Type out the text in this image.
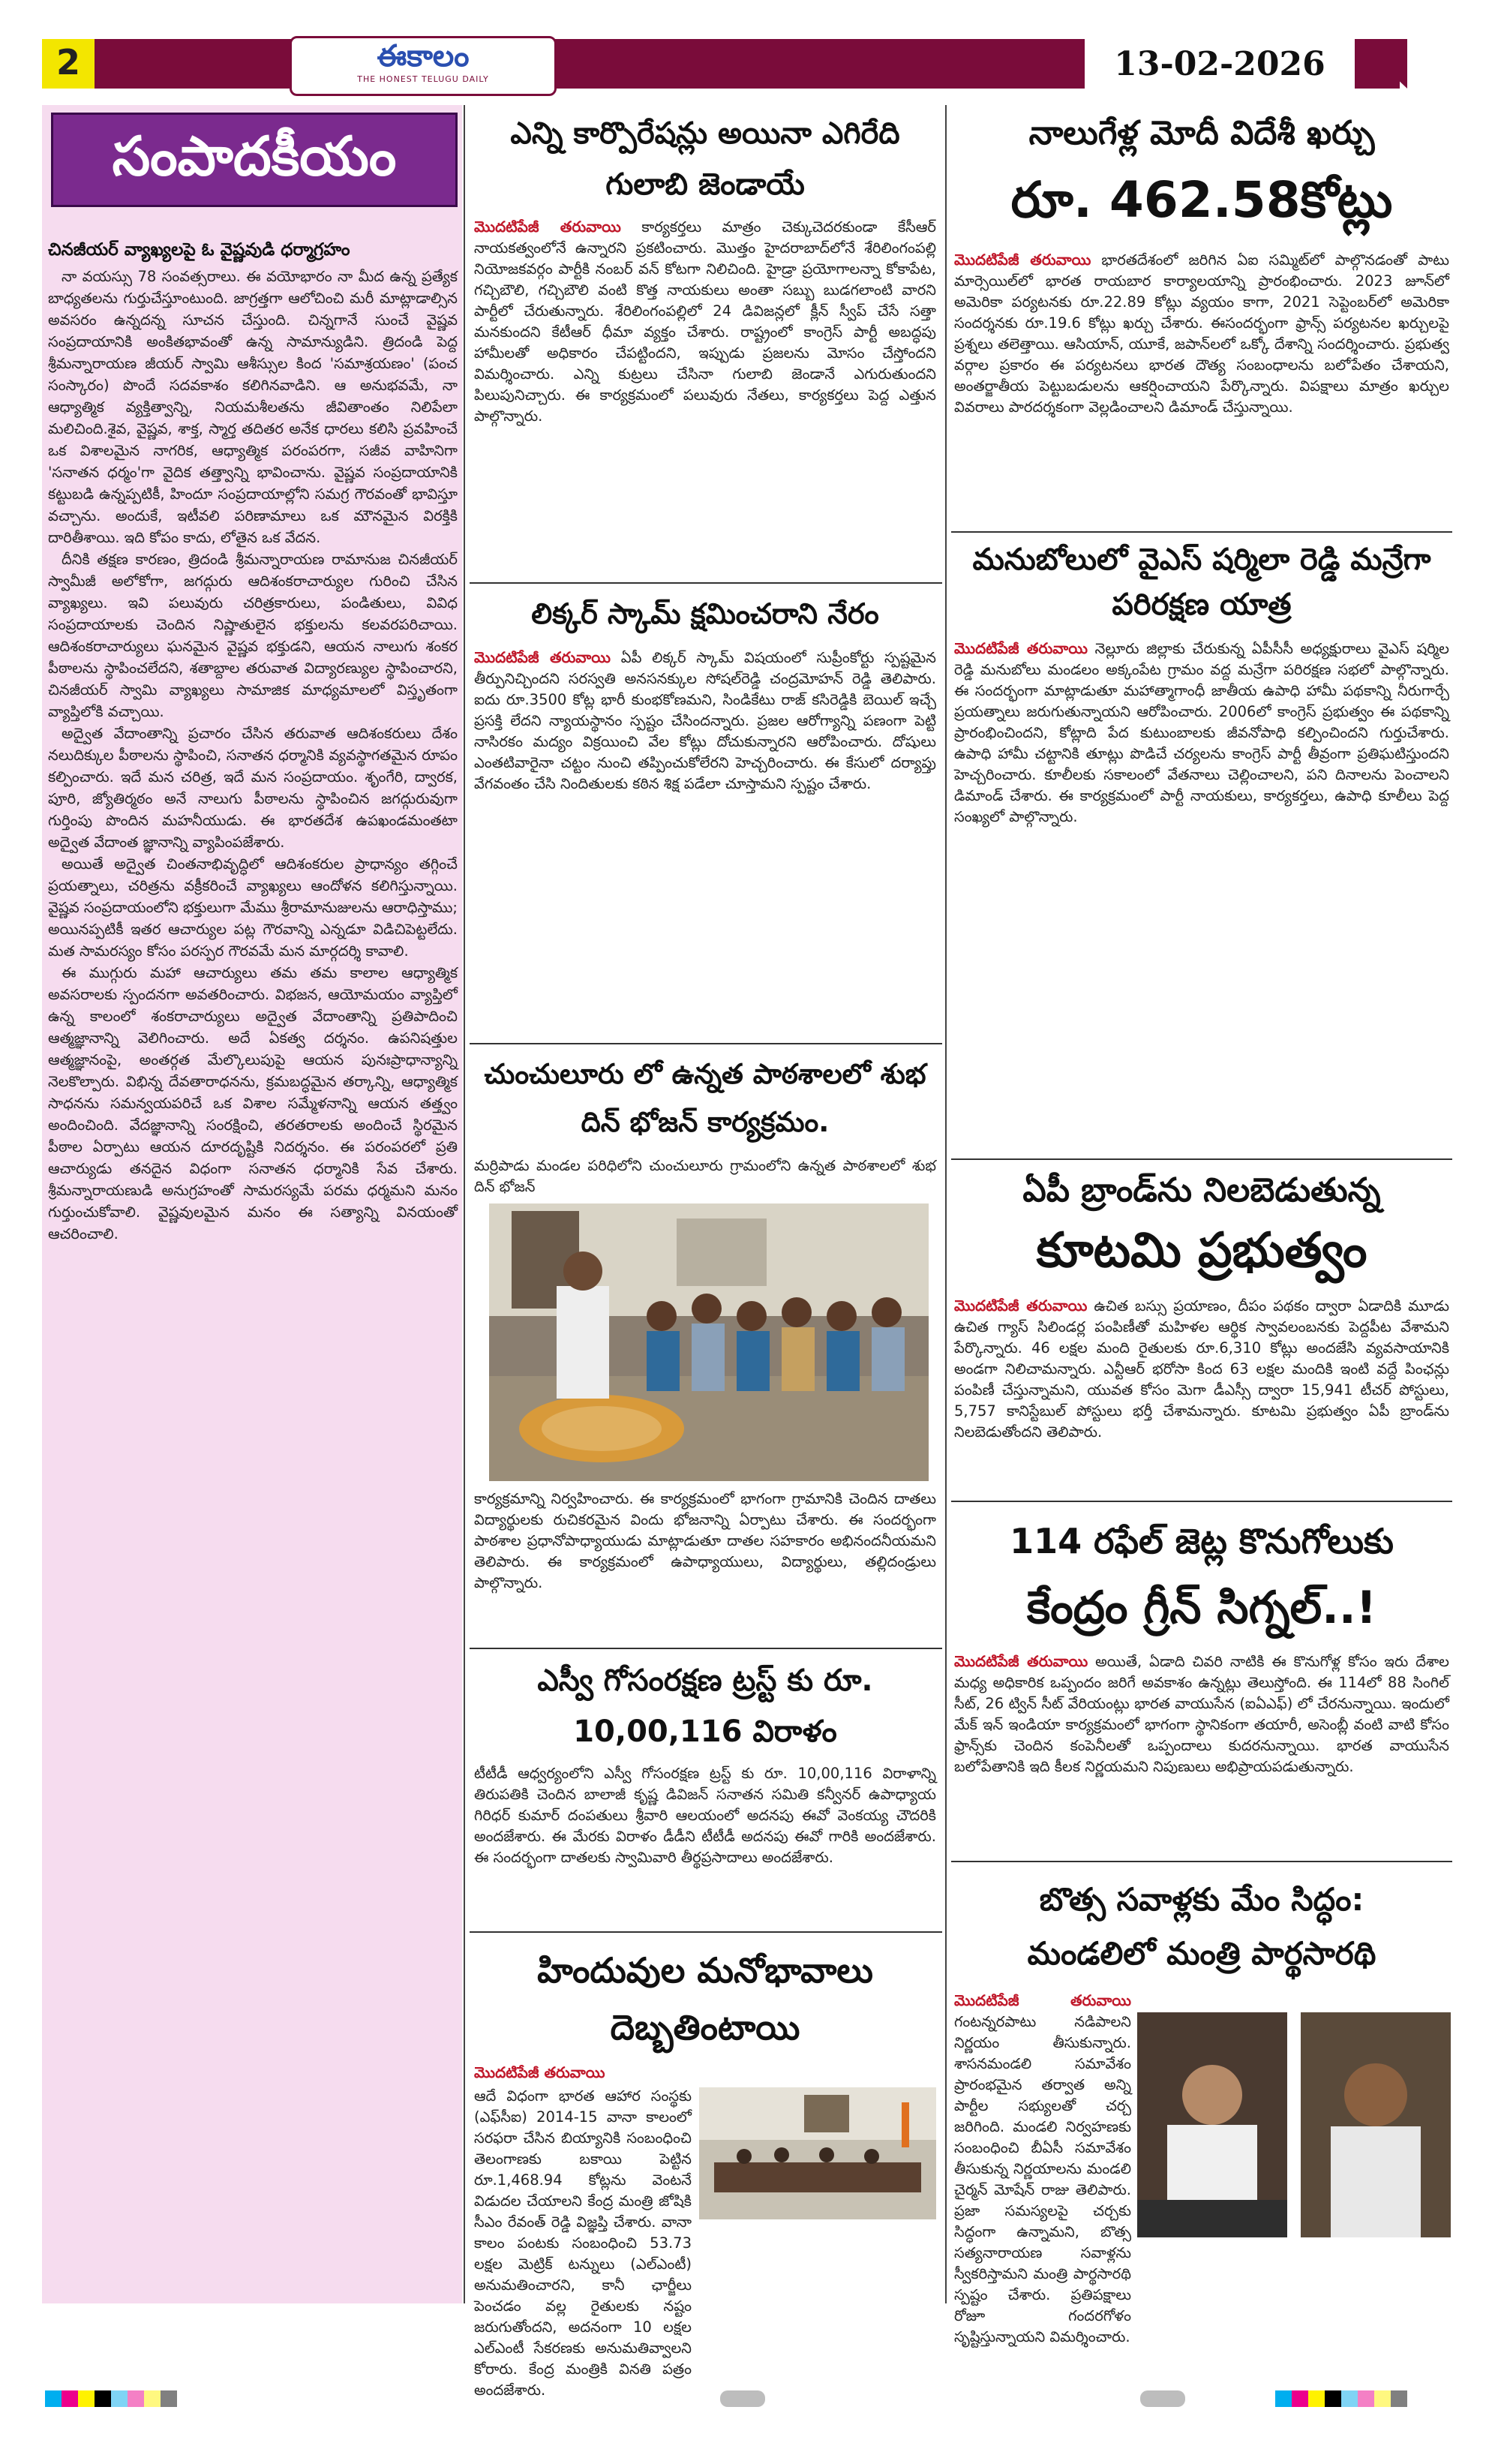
2	ఈకాలం
THE HONEST TELUGU DAILY	13-02-2026
సంపాదకీయం
చినజీయర్ వ్యాఖ్యలపై ఓ వైష్ణవుడి ధర్మాగ్రహం

నా వయస్సు 78 సంవత్సరాలు. ఈ వయోభారం నా మీద ఉన్న ప్రత్యేక బాధ్యతలను గుర్తుచేస్తూంటుంది. జాగ్రత్తగా ఆలోచించి మరీ మాట్లాడాల్సిన అవసరం ఉన్నదన్న సూచన చేస్తుంది. చిన్నగానే సుంచే వైష్ణవ సంప్రదాయానికి అంకితభావంతో ఉన్న సామాన్యుడిని. త్రిదండి పెద్ద శ్రీమన్నారాయణ జీయర్ స్వామి ఆశీస్సుల కింద 'సమాశ్రయణం' (పంచ సంస్కారం) పొందే సదవకాశం కలిగినవాడిని. ఆ అనుభవమే, నా ఆధ్యాత్మిక వ్యక్తిత్వాన్ని, నియమశీలతను జీవితాంతం నిలిపేలా మలిచింది.శైవ, వైష్ణవ, శాక్త, స్మార్త తదితర అనేక ధారలు కలిసి ప్రవహించే ఒక విశాలమైన నాగరిక, ఆధ్యాత్మిక పరంపరగా, సజీవ వాహినిగా 'సనాతన ధర్మం'గా వైదిక తత్త్వాన్ని భావించాను. వైష్ణవ సంప్రదాయానికి కట్టుబడి ఉన్నప్పటికీ, హిందూ సంప్రదాయాల్లోని సమగ్ర గౌరవంతో భావిస్తూ వచ్చాను. అందుకే, ఇటీవలి పరిణామాలు ఒక మౌనమైన విరక్తికి దారితీశాయి. ఇది కోపం కాదు, లోతైన ఒక వేదన.

దీనికి తక్షణ కారణం, త్రిదండి శ్రీమన్నారాయణ రామానుజ చినజీయర్ స్వామీజీ అలోకోగా, జగద్గురు ఆదిశంకరాచార్యుల గురించి చేసిన వ్యాఖ్యలు. ఇవి పలువురు చరిత్రకారులు, పండితులు, వివిధ సంప్రదాయాలకు చెందిన నిష్ణాతులైన భక్తులను కలవరపరిచాయి. ఆదిశంకరాచార్యులు ఘనమైన వైష్ణవ భక్తుడని, ఆయన నాలుగు శంకర పీఠాలను స్థాపించలేదని, శతాబ్దాల తరువాత విద్యారణ్యుల స్థాపించారని, చినజీయర్ స్వామి వ్యాఖ్యలు సామాజిక మాధ్యమాలలో విస్తృతంగా వ్యాప్తిలోకి వచ్చాయి.

అద్వైత వేదాంతాన్ని ప్రచారం చేసిన తరువాత ఆదిశంకరులు దేశం నలుదిక్కుల పీఠాలను స్థాపించి, సనాతన ధర్మానికి వ్యవస్థాగతమైన రూపం కల్పించారు. ఇదే మన చరిత్ర, ఇదే మన సంప్రదాయం. శృంగేరి, ద్వారక, పూరి, జ్యోతిర్మఠం అనే నాలుగు పీఠాలను స్థాపించిన జగద్గురువుగా గుర్తింపు పొందిన మహనీయుడు. ఈ భారతదేశ ఉపఖండమంతటా అద్వైత వేదాంత జ్ఞానాన్ని వ్యాపింపజేశారు.

అయితే అద్వైత చింతనాభివృద్ధిలో ఆదిశంకరుల ప్రాధాన్యం తగ్గించే ప్రయత్నాలు, చరిత్రను వక్రీకరించే వ్యాఖ్యలు ఆందోళన కలిగిస్తున్నాయి. వైష్ణవ సంప్రదాయంలోని భక్తులుగా మేము శ్రీరామానుజులను ఆరాధిస్తాము; అయినప్పటికీ ఇతర ఆచార్యుల పట్ల గౌరవాన్ని ఎన్నడూ విడిచిపెట్టలేదు. మత సామరస్యం కోసం పరస్పర గౌరవమే మన మార్గదర్శి కావాలి.

ఈ ముగ్గురు మహా ఆచార్యులు తమ తమ కాలాల ఆధ్యాత్మిక అవసరాలకు స్పందనగా అవతరించారు. విభజన, ఆయోమయం వ్యాప్తిలో ఉన్న కాలంలో శంకరాచార్యులు అద్వైత వేదాంతాన్ని ప్రతిపాదించి ఆత్మజ్ఞానాన్ని వెలిగించారు. అదే ఏకత్వ దర్శనం. ఉపనిషత్తుల ఆత్మజ్ఞానంపై, అంతర్గత మేల్కొలుపుపై ఆయన పునఃప్రాధాన్యాన్ని నెలకొల్పారు. విభిన్న దేవతారాధనను, క్రమబద్ధమైన తర్కాన్ని, ఆధ్యాత్మిక సాధనను సమన్వయపరిచే ఒక విశాల సమ్మేళనాన్ని ఆయన తత్త్వం అందించింది. వేదజ్ఞానాన్ని సంరక్షించి, తరతరాలకు అందించే స్థిరమైన పీఠాల ఏర్పాటు ఆయన దూరదృష్టికి నిదర్శనం. ఈ పరంపరలో ప్రతి ఆచార్యుడు తనదైన విధంగా సనాతన ధర్మానికి సేవ చేశారు. శ్రీమన్నారాయణుడి అనుగ్రహంతో సామరస్యమే పరమ ధర్మమని మనం గుర్తుంచుకోవాలి. వైష్ణవులమైన మనం ఈ సత్యాన్ని వినయంతో ఆచరించాలి.

ఎన్ని కార్పొరేషన్లు అయినా ఎగిరేది గులాబి జెండాయే
మొదటిపేజీ తరువాయి కార్యకర్తలు మాత్రం చెక్కుచెదరకుండా కేసీఆర్ నాయకత్వంలోనే ఉన్నారని ప్రకటించారు. మొత్తం హైదరాబాద్‌లోనే శేరిలింగంపల్లి నియోజకవర్గం పార్టీకి నంబర్ వన్ కోటగా నిలిచింది. హైడ్రా ప్రయోగాలన్నా కోకాపేట, గచ్చిబౌలి, గచ్చిబౌలి వంటి కొత్త నాయకులు అంతా సబ్బు బుడగలాంటి వారని పార్టీలో చేరుతున్నారు. శేరిలింగంపల్లిలో 24 డివిజన్లలో క్లీన్ స్వీప్ చేసే సత్తా మనకుందని కేటీఆర్ ధీమా వ్యక్తం చేశారు. రాష్ట్రంలో కాంగ్రెస్ పార్టీ అబద్ధపు హామీలతో అధికారం చేపట్టిందని, ఇప్పుడు ప్రజలను మోసం చేస్తోందని విమర్శించారు. ఎన్ని కుట్రలు చేసినా గులాబి జెండానే ఎగురుతుందని పిలుపునిచ్చారు. ఈ కార్యక్రమంలో పలువురు నేతలు, కార్యకర్తలు పెద్ద ఎత్తున పాల్గొన్నారు.
లిక్కర్ స్కామ్ క్షమించరాని నేరం
మొదటిపేజీ తరువాయి ఏపీ లిక్కర్ స్కామ్ విషయంలో సుప్రీంకోర్టు స్పష్టమైన తీర్పునిచ్చిందని సరస్వతి అనసనక్కుల సోషల్‌రెడ్డి చంద్రమోహన్ రెడ్డి తెలిపారు. ఐదు రూ.3500 కోట్ల భారీ కుంభకోణమని, సిండికేటు రాజ్ కసిరెడ్డికి బెయిల్ ఇచ్చే ప్రసక్తి లేదని న్యాయస్థానం స్పష్టం చేసిందన్నారు. ప్రజల ఆరోగ్యాన్ని పణంగా పెట్టి నాసిరకం మద్యం విక్రయించి వేల కోట్లు దోచుకున్నారని ఆరోపించారు. దోషులు ఎంతటివారైనా చట్టం నుంచి తప్పించుకోలేరని హెచ్చరించారు. ఈ కేసులో దర్యాప్తు వేగవంతం చేసి నిందితులకు కఠిన శిక్ష పడేలా చూస్తామని స్పష్టం చేశారు.
చుంచులూరు లో ఉన్నత పాఠశాలలో శుభ దిన్ భోజన్ కార్యక్రమం.
మర్రిపాడు మండల పరిధిలోని చుంచులూరు గ్రామంలోని ఉన్నత పాఠశాలలో శుభ దిన్ భోజన్
కార్యక్రమాన్ని నిర్వహించారు. ఈ కార్యక్రమంలో భాగంగా గ్రామానికి చెందిన దాతలు విద్యార్థులకు రుచికరమైన విందు భోజనాన్ని ఏర్పాటు చేశారు. ఈ సందర్భంగా పాఠశాల ప్రధానోపాధ్యాయుడు మాట్లాడుతూ దాతల సహకారం అభినందనీయమని తెలిపారు. ఈ కార్యక్రమంలో ఉపాధ్యాయులు, విద్యార్థులు, తల్లిదండ్రులు పాల్గొన్నారు.
ఎస్వీ గోసంరక్షణ ట్రస్ట్ కు రూ. 10,00,116 విరాళం
టీటీడీ ఆధ్వర్యంలోని ఎస్వీ గోసంరక్షణ ట్రస్ట్ కు రూ. 10,00,116 విరాళాన్ని తిరుపతికి చెందిన బాలాజీ కృష్ణ డివిజన్ సనాతన సమితి కన్వీనర్ ఉపాధ్యాయ గిరిధర్ కుమార్ దంపతులు శ్రీవారి ఆలయంలో అదనపు ఈవో వెంకయ్య చౌదరికి అందజేశారు. ఈ మేరకు విరాళం డీడీని టీటీడీ అదనపు ఈవో గారికి అందజేశారు. ఈ సందర్భంగా దాతలకు స్వామివారి తీర్థప్రసాదాలు అందజేశారు.
హిందువుల మనోభావాలు దెబ్బతింటాయి
మొదటిపేజీ తరువాయి
ఆదే విధంగా భారత ఆహార సంస్థకు (ఎఫ్‌సీఐ) 2014-15 వానా కాలంలో సరఫరా చేసిన బియ్యానికి సంబంధించి తెలంగాణకు బకాయి పెట్టిన రూ.1,468.94 కోట్లను వెంటనే విడుదల చేయాలని కేంద్ర మంత్రి జోషికి సీఎం రేవంత్ రెడ్డి విజ్ఞప్తి చేశారు. వానా కాలం పంటకు సంబంధించి 53.73 లక్షల మెట్రిక్ టన్నులు (ఎల్ఎంటీ) అనుమతించారని, కానీ ఛార్జీలు పెంచడం వల్ల రైతులకు నష్టం జరుగుతోందని, అదనంగా 10 లక్షల ఎల్ఎంటీ సేకరణకు అనుమతివ్వాలని కోరారు. కేంద్ర మంత్రికి వినతి పత్రం అందజేశారు.
నాలుగేళ్ల మోదీ విదేశీ ఖర్చు
రూ. 462.58కోట్లు
మొదటిపేజీ తరువాయి భారతదేశంలో జరిగిన ఏఐ సమ్మిట్‌లో పాల్గొనడంతో పాటు మార్సెయిల్‌లో భారత రాయబార కార్యాలయాన్ని ప్రారంభించారు. 2023 జూన్‌లో అమెరికా పర్యటనకు రూ.22.89 కోట్లు వ్యయం కాగా, 2021 సెప్టెంబర్‌లో అమెరికా సందర్శనకు రూ.19.6 కోట్లు ఖర్చు చేశారు. ఈసందర్భంగా ఫ్రాన్స్ పర్యటనల ఖర్చులపై ప్రశ్నలు తలెత్తాయి. ఆసియాన్, యూకే, జపాన్‌లలో ఒక్కో దేశాన్ని సందర్శించారు. ప్రభుత్వ వర్గాల ప్రకారం ఈ పర్యటనలు భారత దౌత్య సంబంధాలను బలోపేతం చేశాయని, అంతర్జాతీయ పెట్టుబడులను ఆకర్షించాయని పేర్కొన్నారు. విపక్షాలు మాత్రం ఖర్చుల వివరాలు పారదర్శకంగా వెల్లడించాలని డిమాండ్ చేస్తున్నాయి.
మనుబోలులో వైఎస్ షర్మిలా రెడ్డి మన్రేగా పరిరక్షణ యాత్ర
మొదటిపేజీ తరువాయి నెల్లూరు జిల్లాకు చేరుకున్న ఏపీసీసీ అధ్యక్షురాలు వైఎస్ షర్మిల రెడ్డి మనుబోలు మండలం అక్కంపేట గ్రామం వద్ద మన్రేగా పరిరక్షణ సభలో పాల్గొన్నారు. ఈ సందర్భంగా మాట్లాడుతూ మహాత్మాగాంధీ జాతీయ ఉపాధి హామీ పథకాన్ని నీరుగార్చే ప్రయత్నాలు జరుగుతున్నాయని ఆరోపించారు. 2006లో కాంగ్రెస్ ప్రభుత్వం ఈ పథకాన్ని ప్రారంభించిందని, కోట్లాది పేద కుటుంబాలకు జీవనోపాధి కల్పించిందని గుర్తుచేశారు. ఉపాధి హామీ చట్టానికి తూట్లు పొడిచే చర్యలను కాంగ్రెస్ పార్టీ తీవ్రంగా ప్రతిఘటిస్తుందని హెచ్చరించారు. కూలీలకు సకాలంలో వేతనాలు చెల్లించాలని, పని దినాలను పెంచాలని డిమాండ్ చేశారు. ఈ కార్యక్రమంలో పార్టీ నాయకులు, కార్యకర్తలు, ఉపాధి కూలీలు పెద్ద సంఖ్యలో పాల్గొన్నారు.
ఏపీ బ్రాండ్‌ను నిలబెడుతున్న
కూటమి ప్రభుత్వం
మొదటిపేజీ తరువాయి ఉచిత బస్సు ప్రయాణం, దీపం పథకం ద్వారా ఏడాదికి మూడు ఉచిత గ్యాస్ సిలిండర్ల పంపిణీతో మహిళల ఆర్థిక స్వావలంబనకు పెద్దపీట వేశామని పేర్కొన్నారు. 46 లక్షల మంది రైతులకు రూ.6,310 కోట్లు అందజేసి వ్యవసాయానికి అండగా నిలిచామన్నారు. ఎన్టీఆర్ భరోసా కింద 63 లక్షల మందికి ఇంటి వద్దే పింఛన్లు పంపిణీ చేస్తున్నామని, యువత కోసం మెగా డీఎస్సీ ద్వారా 15,941 టీచర్ పోస్టులు, 5,757 కానిస్టేబుల్ పోస్టులు భర్తీ చేశామన్నారు. కూటమి ప్రభుత్వం ఏపీ బ్రాండ్‌ను నిలబెడుతోందని తెలిపారు.
114 రఫేల్ జెట్ల కొనుగోలుకు
కేంద్రం గ్రీన్ సిగ్నల్..!
మొదటిపేజీ తరువాయి అయితే, ఏడాది చివరి నాటికి ఈ కొనుగోళ్ల కోసం ఇరు దేశాల మధ్య అధికారిక ఒప్పందం జరిగే అవకాశం ఉన్నట్లు తెలుస్తోంది. ఈ 114లో 88 సింగిల్ సీట్, 26 ట్విన్ సీట్ వేరియంట్లు భారత వాయుసేన (ఐఏఎఫ్) లో చేరనున్నాయి. ఇందులో మేక్ ఇన్ ఇండియా కార్యక్రమంలో భాగంగా స్థానికంగా తయారీ, అసెంబ్లీ వంటి వాటి కోసం ఫ్రాన్స్‌కు చెందిన కంపెనీలతో ఒప్పందాలు కుదరనున్నాయి. భారత వాయుసేన బలోపేతానికి ఇది కీలక నిర్ణయమని నిపుణులు అభిప్రాయపడుతున్నారు.
బొత్స సవాళ్లకు మేం సిద్ధం:
మండలిలో మంత్రి పార్థసారథి
మొదటిపేజీ తరువాయి గంటన్నరపాటు నడిపాలని నిర్ణయం తీసుకున్నారు. శాసనమండలి సమావేశం ప్రారంభమైన తర్వాత అన్ని పార్టీల సభ్యులతో చర్చ జరిగింది. మండలి నిర్వహణకు సంబంధించి బీఏసీ సమావేశం తీసుకున్న నిర్ణయాలను మండలి చైర్మన్ మోషేన్ రాజు తెలిపారు. ప్రజా సమస్యలపై చర్చకు సిద్ధంగా ఉన్నామని, బొత్స సత్యనారాయణ సవాళ్లను స్వీకరిస్తామని మంత్రి పార్థసారథి స్పష్టం చేశారు. ప్రతిపక్షాలు రోజూ గందరగోళం సృష్టిస్తున్నాయని విమర్శించారు.
